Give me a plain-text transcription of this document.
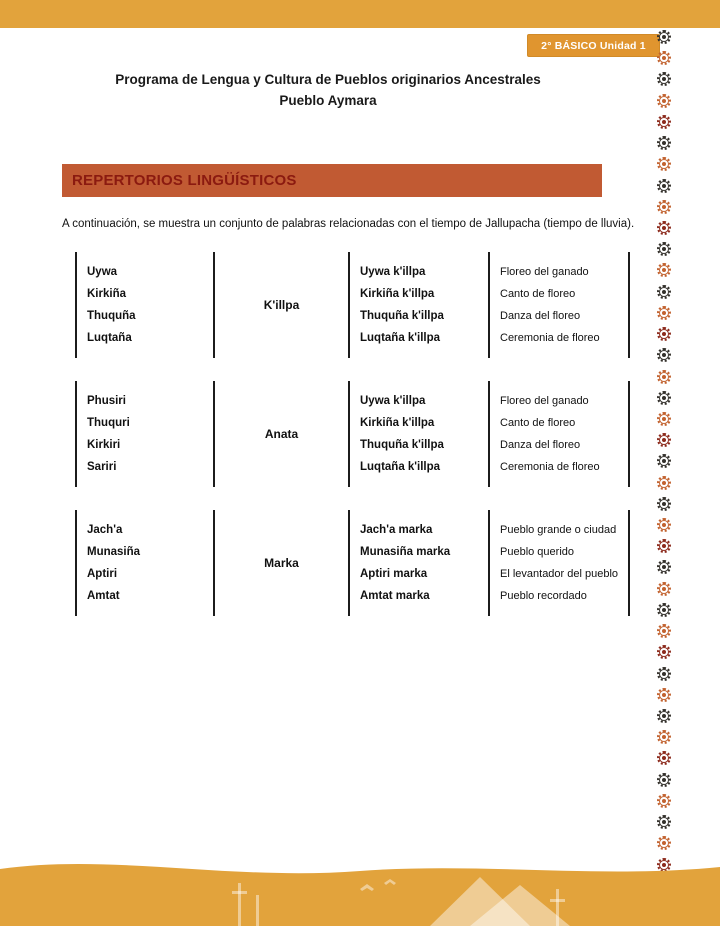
2° BÁSICO Unidad 1
Programa de Lengua y Cultura de Pueblos originarios Ancestrales
Pueblo Aymara
REPERTORIOS LINGÜÍSTICOS
A continuación, se muestra un conjunto de palabras relacionadas con el tiempo de Jallupacha (tiempo de lluvia).
Uywa
Kirkiña
Thuquña
Luqtaña
K'illpa
Uywa k'illpa
Kirkiña k'illpa
Thuquña k'illpa
Luqtaña k'illpa
Floreo del ganado
Canto de floreo
Danza del floreo
Ceremonia de floreo
Phusiri
Thuquri
Kirkiri
Sariri
Anata
Uywa k'illpa
Kirkiña k'illpa
Thuquña k'illpa
Luqtaña k'illpa
Floreo del ganado
Canto de floreo
Danza del floreo
Ceremonia de floreo
Jach'a
Munasiña
Aptiri
Amtat
Marka
Jach'a marka
Munasiña marka
Aptiri marka
Amtat marka
Pueblo grande o ciudad
Pueblo querido
El levantador del pueblo
Pueblo recordado
